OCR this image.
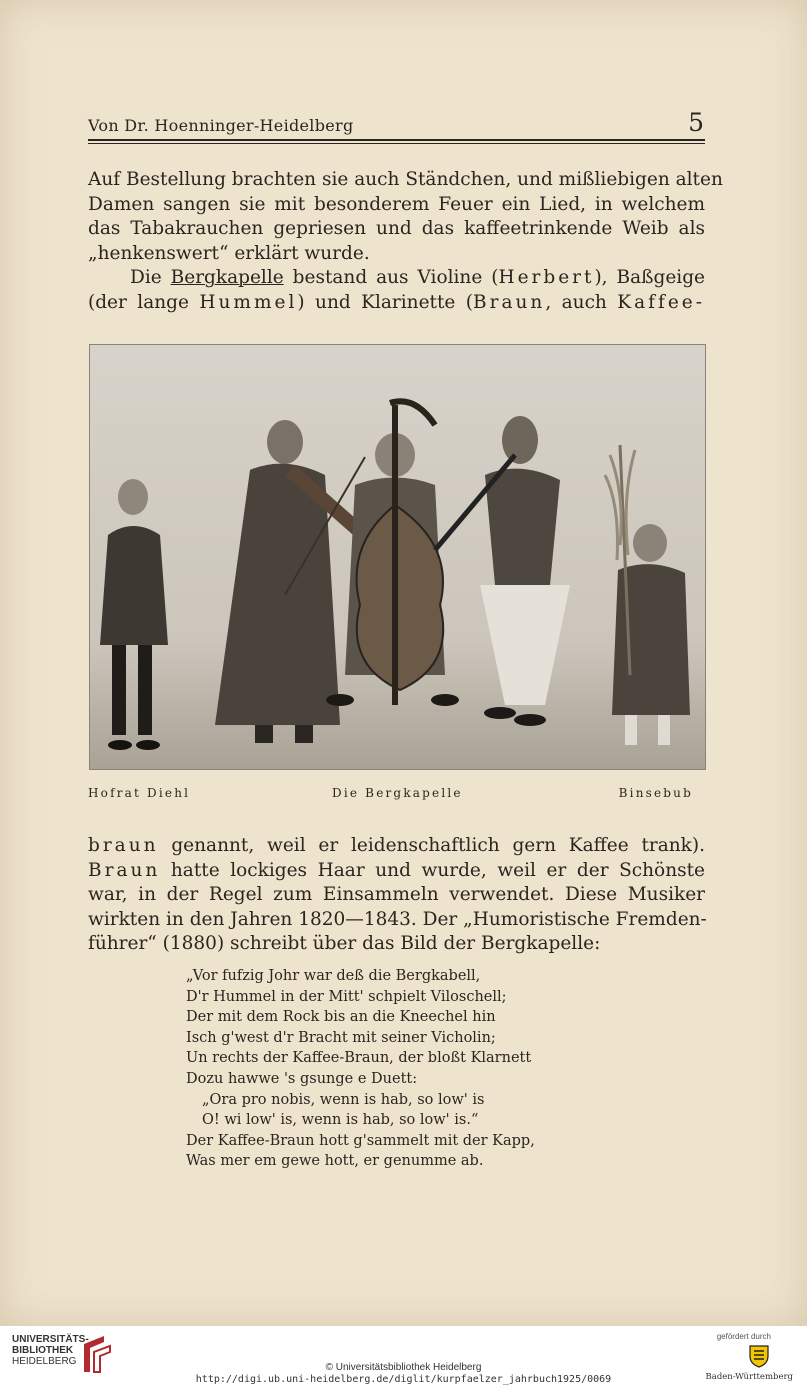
Von Dr. Hoenninger-Heidelberg	5
Auf Bestellung brachten sie auch Ständchen, und mißliebigen alten
Damen sangen sie mit besonderem Feuer ein Lied, in welchem
das Tabakrauchen gepriesen und das kaffeetrinkende Weib als
„henkenswert“ erklärt wurde.
Die Bergkapelle bestand aus Violine (Herbert), Baßgeige
(der lange Hummel) und Klarinette (Braun, auch Kaffee-
Hofrat Diehl	Die Bergkapelle	Binsebub
braun genannt, weil er leidenschaftlich gern Kaffee trank).
Braun hatte lockiges Haar und wurde, weil er der Schönste
war, in der Regel zum Einsammeln verwendet. Diese Musiker
wirkten in den Jahren 1820—1843. Der „Humoristische Fremden-
führer“ (1880) schreibt über das Bild der Bergkapelle:
„Vor fufzig Johr war deß die Bergkabell,
D'r Hummel in der Mitt' schpielt Viloschell;
Der mit dem Rock bis an die Kneechel hin
Isch g'west d'r Bracht mit seiner Vicholin;
Un rechts der Kaffee-Braun, der bloßt Klarnett
Dozu hawwe 's gsunge e Duett:
„Ora pro nobis, wenn is hab, so low' is
O! wi low' is, wenn is hab, so low' is.“
Der Kaffee-Braun hott g'sammelt mit der Kapp,
Was mer em gewe hott, er genumme ab.
UNIVERSITÄTS-
BIBLIOTHEK
HEIDELBERG
© Universitätsbibliothek Heidelberg
http://digi.ub.uni-heidelberg.de/diglit/kurpfaelzer_jahrbuch1925/0069
gefördert durch
Baden-Württemberg
